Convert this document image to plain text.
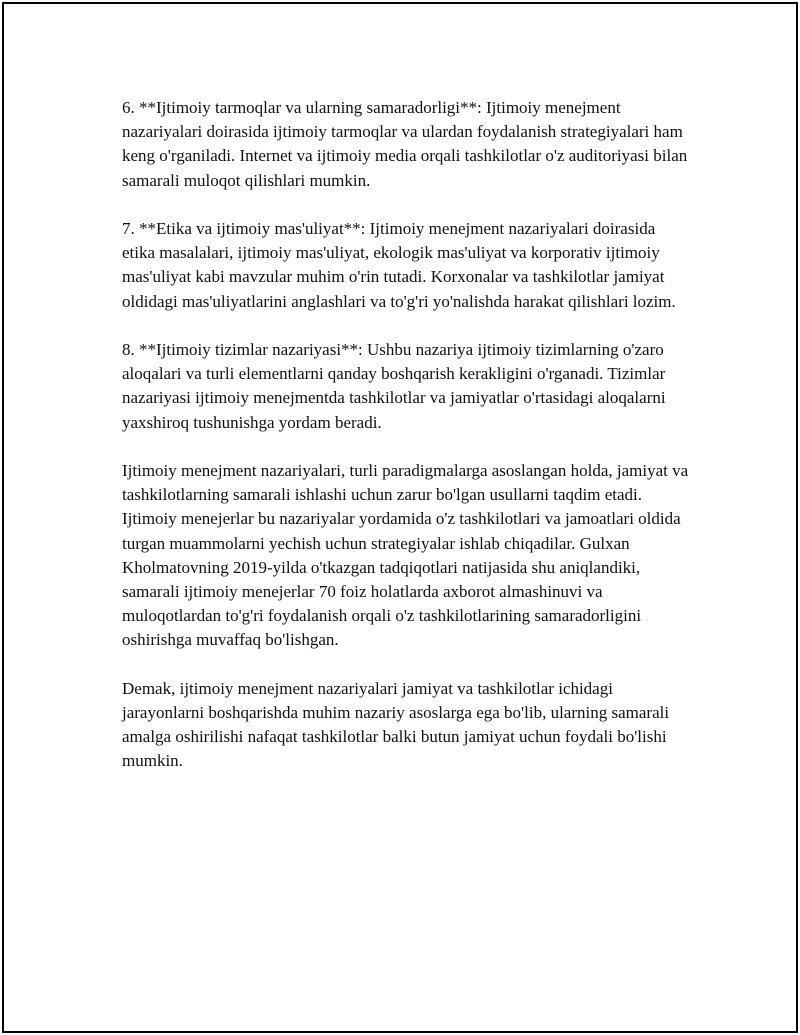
6. **Ijtimoiy tarmoqlar va ularning samaradorligi**: Ijtimoiy menejment nazariyalari doirasida ijtimoiy tarmoqlar va ulardan foydalanish strategiyalari ham keng o'rganiladi. Internet va ijtimoiy media orqali tashkilotlar o'z auditoriyasi bilan samarali muloqot qilishlari mumkin.

7. **Etika va ijtimoiy mas'uliyat**: Ijtimoiy menejment nazariyalari doirasida etika masalalari, ijtimoiy mas'uliyat, ekologik mas'uliyat va korporativ ijtimoiy mas'uliyat kabi mavzular muhim o'rin tutadi. Korxonalar va tashkilotlar jamiyat oldidagi mas'uliyatlarini anglashlari va to'g'ri yo'nalishda harakat qilishlari lozim.

8. **Ijtimoiy tizimlar nazariyasi**: Ushbu nazariya ijtimoiy tizimlarning o'zaro aloqalari va turli elementlarni qanday boshqarish kerakligini o'rganadi. Tizimlar nazariyasi ijtimoiy menejmentda tashkilotlar va jamiyatlar o'rtasidagi aloqalarni yaxshiroq tushunishga yordam beradi.

Ijtimoiy menejment nazariyalari, turli paradigmalarga asoslangan holda, jamiyat va tashkilotlarning samarali ishlashi uchun zarur bo'lgan usullarni taqdim etadi. Ijtimoiy menejerlar bu nazariyalar yordamida o'z tashkilotlari va jamoatlari oldida turgan muammolarni yechish uchun strategiyalar ishlab chiqadilar. Gulxan Kholmatovning 2019-yilda o'tkazgan tadqiqotlari natijasida shu aniqlandiki, samarali ijtimoiy menejerlar 70 foiz holatlarda axborot almashinuvi va muloqotlardan to'g'ri foydalanish orqali o'z tashkilotlarining samaradorligini oshirishga muvaffaq bo'lishgan.

Demak, ijtimoiy menejment nazariyalari jamiyat va tashkilotlar ichidagi jarayonlarni boshqarishda muhim nazariy asoslarga ega bo'lib, ularning samarali amalga oshirilishi nafaqat tashkilotlar balki butun jamiyat uchun foydali bo'lishi mumkin.
